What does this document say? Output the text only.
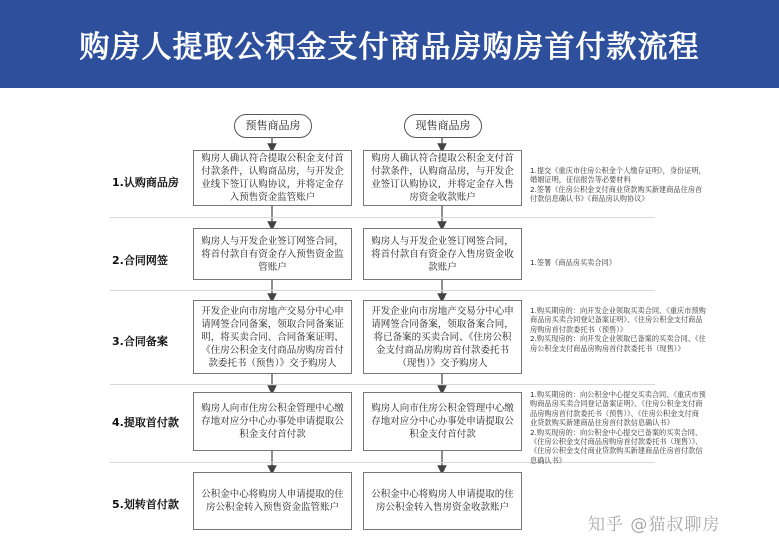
购房人提取公积金支付商品房购房首付款流程
预售商品房	现售商品房
1.认购商品房
购房人确认符合提取公积金支付首付款条件，认购商品房，与开发企业线下签订认购协议，并将定金存入预售资金监管账户
购房人确认符合提取公积金支付首付款条件，认购商品房，与开发企业签订认购协议，并将定金存入售房资金收款账户
1.提交《重庆市住房公积金个人缴存证明》，身份证明，婚姻证明，征信报告等必要材料
2.签署《住房公积金支付商业贷款购买新建商品住房首付款信息确认书》《商品房认购协议》
2.合同网签
购房人与开发企业签订网签合同，将首付款自有资金存入预售资金监管账户
购房人与开发企业签订网签合同，将首付款自有资金存入售房资金收款账户	1.签署《商品房买卖合同》
3.合同备案
开发企业向市房地产交易分中心申请网签合同备案，领取合同备案证明，将买卖合同、合同备案证明、《住房公积金支付商品房购房首付款委托书（预售）》交予购房人
开发企业向市房地产交易分中心申请网签合同备案，领取备案合同，将已备案的买卖合同、《住房公积金支付商品房购房首付款委托书（现售）》交予购房人
1.购买期房的：向开发企业领取买卖合同、《重庆市预购商品房买卖合同登记备案证明》、《住房公积金支付商品房购房首付款委托书（预售）》
2.购买现房的：向开发企业领取已备案的买卖合同、《住房公积金支付商品房购房首付款委托书（现售）》
4.提取首付款
购房人向市住房公积金管理中心缴存地对应分中心办事处申请提取公积金支付首付款
购房人向市住房公积金管理中心缴存地对应分中心办事处申请提取公积金支付首付款
1.购买期房的：向公积金中心提交买卖合同、《重庆市预购商品房买卖合同登记备案证明》、《住房公积金支付商品房购房首付款委托书（预售）》、《住房公积金支付商业贷款购买新建商品住房首付款信息确认书》
2.购买现房的：向公积金中心提交已备案的买卖合同、《住房公积金支付商品房购房首付款委托书（现售）》、《住房公积金支付商业贷款购买新建商品住房首付款信息确认书》
5.划转首付款
公积金中心将购房人申请提取的住房公积金转入预售资金监管账户
公积金中心将购房人申请提取的住房公积金转入售房资金收款账户
知乎 @猫叔聊房
